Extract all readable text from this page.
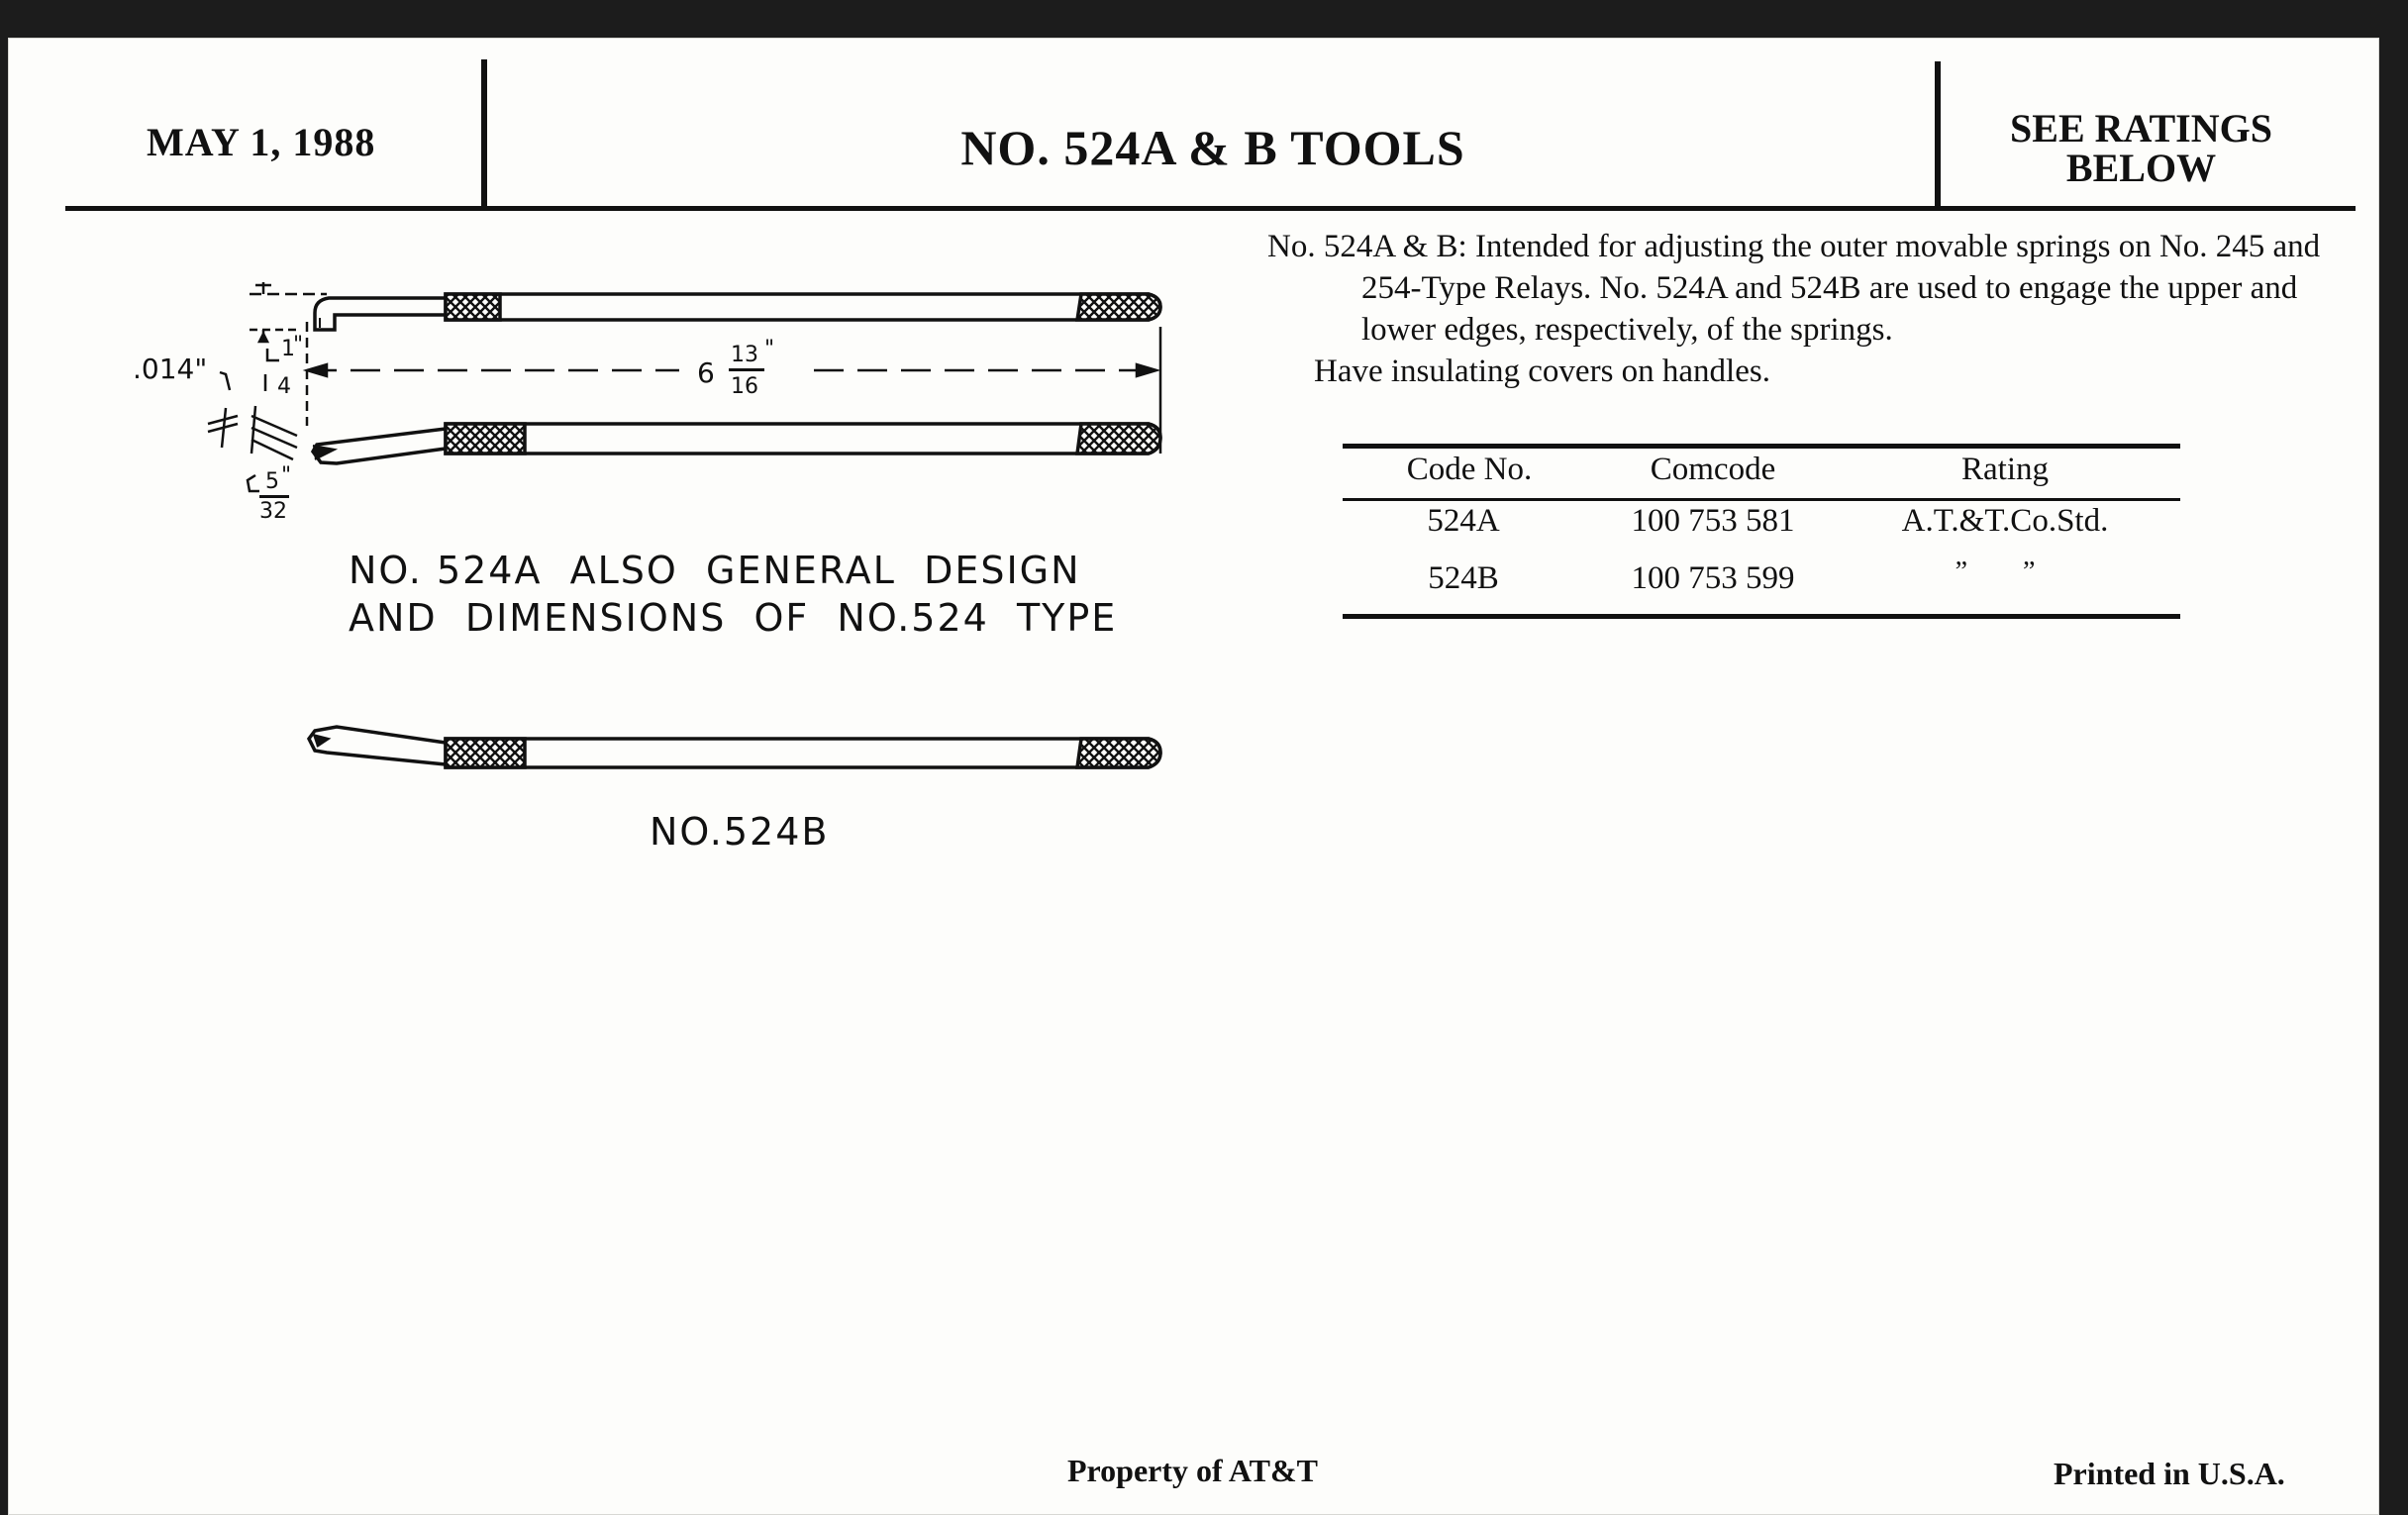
MAY 1, 1988	NO. 524A & B TOOLS	SEE RATINGS
BELOW
.014"
1
"
4	6
13 "
16
5 "
32
NO. 524A  ALSO  GENERAL  DESIGN
AND  DIMENSIONS  OF  NO.524  TYPE
NO.524B

No. 524A & B: Intended for adjusting the outer movable springs on No. 245 and 254-Type Relays. No. 524A and 524B are used to engage the upper and lower edges, respectively, of the springs.

Have insulating covers on handles.

Code No.	Comcode	Rating
524A	100 753 581	A.T.&T.Co.Std.
524B	100 753 599	”        ”
Property of AT&T	Printed in U.S.A.
